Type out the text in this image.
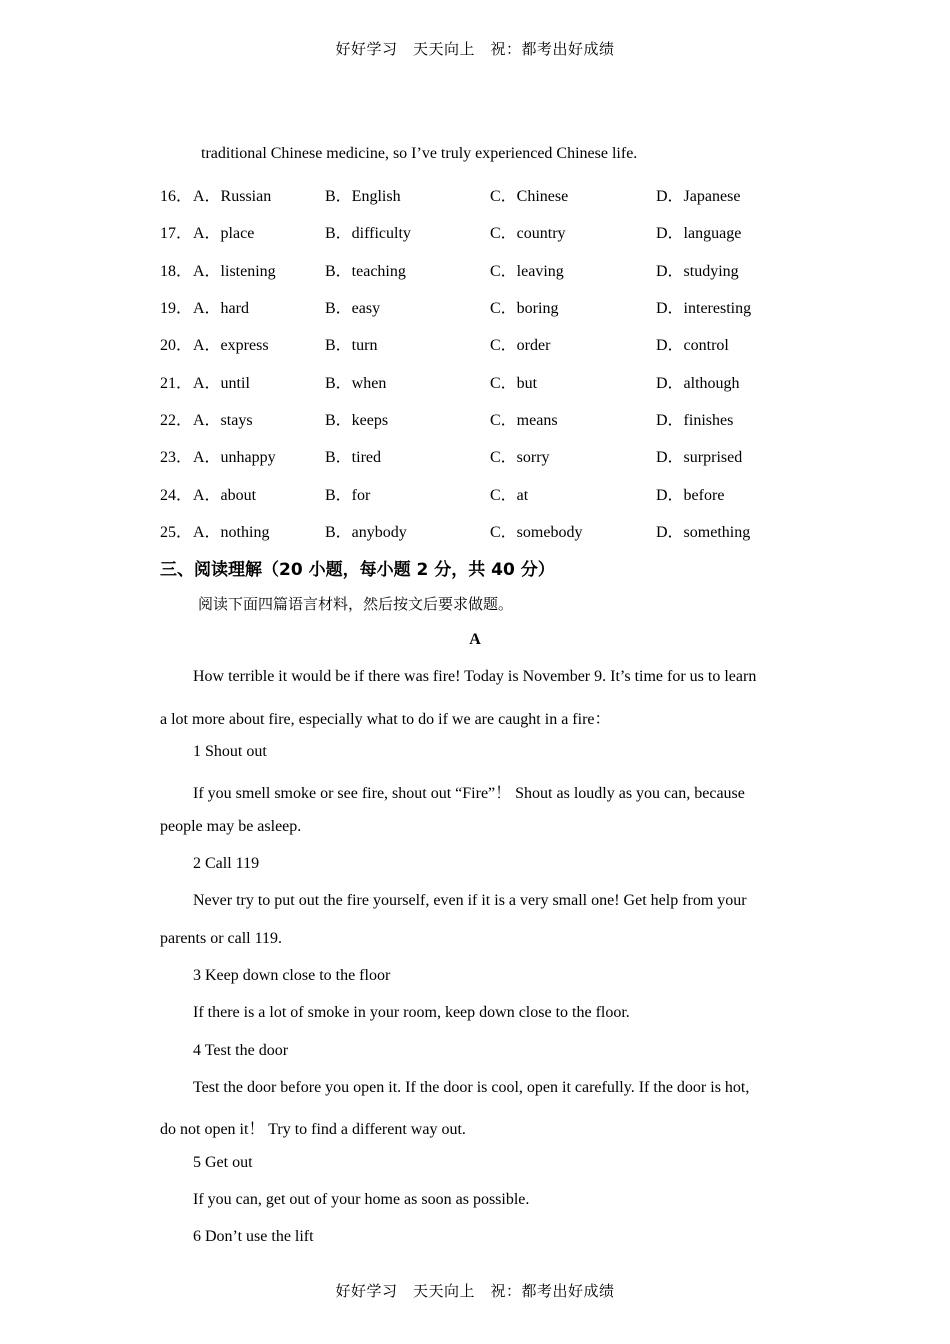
好好学习　天天向上　祝：都考出好成绩
traditional Chinese medicine, so I’ve truly experienced Chinese life.
16． A．Russian	B．English	C．Chinese	D．Japanese
17． A．place	B．difficulty	C．country	D．language
18． A．listening	B．teaching	C．leaving	D．studying
19． A．hard	B．easy	C．boring	D．interesting
20． A．express	B．turn	C．order	D．control
21． A．until	B．when	C．but	D．although
22． A．stays	B．keeps	C．means	D．finishes
23． A．unhappy	B．tired	C．sorry	D．surprised
24． A．about	B．for	C．at	D．before
25． A．nothing	B．anybody	C．somebody	D．something
三、阅读理解（20 小题，每小题 2 分，共 40 分）
阅读下面四篇语言材料，然后按文后要求做题。
A
How terrible it would be if there was fire! Today is November 9. It’s time for us to learn
a lot more about fire, especially what to do if we are caught in a fire：
1 Shout out
If you smell smoke or see fire, shout out “Fire”！ Shout as loudly as you can, because
people may be asleep.
2 Call 119
Never try to put out the fire yourself, even if it is a very small one! Get help from your
parents or call 119.
3 Keep down close to the floor
If there is a lot of smoke in your room, keep down close to the floor.
4 Test the door
Test the door before you open it. If the door is cool, open it carefully. If the door is hot,
do not open it！ Try to find a different way out.
5 Get out
If you can, get out of your home as soon as possible.
6 Don’t use the lift
好好学习　天天向上　祝：都考出好成绩
